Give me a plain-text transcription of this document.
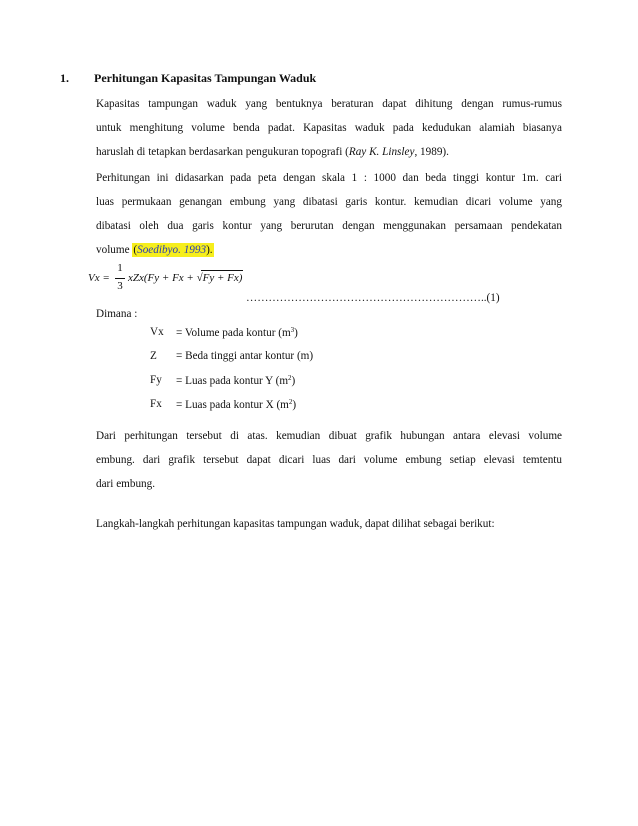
1. Perhitungan Kapasitas Tampungan Waduk
Kapasitas tampungan waduk yang bentuknya beraturan dapat dihitung dengan rumus-rumus
untuk menghitung volume benda padat. Kapasitas waduk pada kedudukan alamiah biasanya
haruslah di tetapkan berdasarkan pengukuran topografi (Ray K. Linsley, 1989).
Perhitungan ini didasarkan pada peta dengan skala 1 : 1000 dan beda tinggi kontur 1m. cari
luas permukaan genangan embung yang dibatasi garis kontur. kemudian dicari volume yang
dibatasi oleh dua garis kontur yang berurutan dengan menggunakan persamaan pendekatan
volume (Soedibyo. 1993).
Vx =
1
3
xZx(Fy + Fx + √Fy + Fx)
………………………………………………………..(1)
Dimana :
Vx = Volume pada kontur $(m^3)$
Z = Beda tinggi antar kontur (m)
Fy = Luas pada kontur Y $(m^2)$
Fx = Luas pada kontur X $(m^2)$
Dari perhitungan tersebut di atas. kemudian dibuat grafik hubungan antara elevasi volume
embung. dari grafik tersebut dapat dicari luas dari volume embung setiap elevasi temtentu
dari embung.
Langkah-langkah perhitungan kapasitas tampungan waduk, dapat dilihat sebagai berikut:
